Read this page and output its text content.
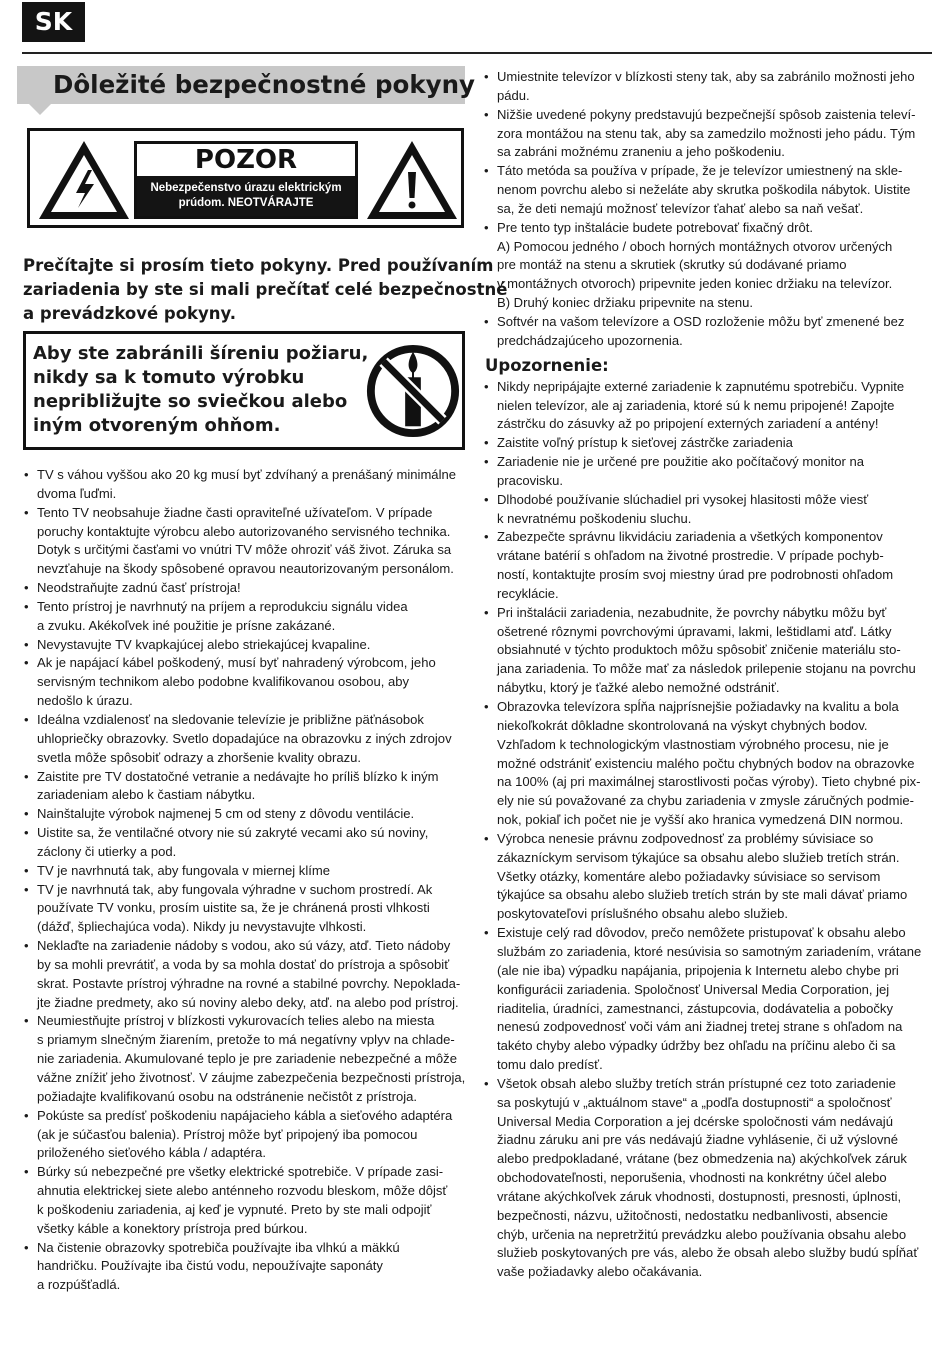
SK
Dôležité bezpečnostné pokyny
POZOR
Nebezpečenstvo úrazu elektrickým
prúdom. NEOTVÁRAJTE
Prečítajte si prosím tieto pokyny. Pred používaním
zariadenia by ste si mali prečítať celé bezpečnostné
a prevádzkové pokyny.
Aby ste zabránili šíreniu požiaru,
nikdy sa k tomuto výrobku
nepribližujte so sviečkou alebo
iným otvoreným ohňom.
• TV s váhou vyššou ako 20 kg musí byť zdvíhaný a prenášaný minimálne
dvoma ľuďmi.
• Tento TV neobsahuje žiadne časti opraviteľné užívateľom. V prípade
poruchy kontaktujte výrobcu alebo autorizovaného servisného technika.
Dotyk s určitými časťami vo vnútri TV môže ohroziť váš život. Záruka sa
nevzťahuje na škody spôsobené opravou neautorizovaným personálom.
• Neodstraňujte zadnú časť prístroja!
• Tento prístroj je navrhnutý na príjem a reprodukciu signálu videa
a zvuku. Akékoľvek iné použitie je prísne zakázané.
• Nevystavujte TV kvapkajúcej alebo striekajúcej kvapaline.
• Ak je napájací kábel poškodený, musí byť nahradený výrobcom, jeho
servisným technikom alebo podobne kvalifikovanou osobou, aby
nedošlo k úrazu.
• Ideálna vzdialenosť na sledovanie televízie je približne päťnásobok
uhlopriečky obrazovky. Svetlo dopadajúce na obrazovku z iných zdrojov
svetla môže spôsobiť odrazy a zhoršenie kvality obrazu.
• Zaistite pre TV dostatočné vetranie a nedávajte ho príliš blízko k iným
zariadeniam alebo k častiam nábytku.
• Nainštalujte výrobok najmenej 5 cm od steny z dôvodu ventilácie.
• Uistite sa, že ventilačné otvory nie sú zakryté vecami ako sú noviny,
záclony či utierky a pod.
• TV je navrhnutá tak, aby fungovala v miernej klíme
• TV je navrhnutá tak, aby fungovala výhradne v suchom prostredí. Ak
používate TV vonku, prosím uistite sa, že je chránená prosti vlhkosti
(dážď, špliechajúca voda). Nikdy ju nevystavujte vlhkosti.
• Neklaďte na zariadenie nádoby s vodou, ako sú vázy, atď. Tieto nádoby
by sa mohli prevrátiť, a voda by sa mohla dostať do prístroja a spôsobiť
skrat. Postavte prístroj výhradne na rovné a stabilné povrchy. Nepoklada-
jte žiadne predmety, ako sú noviny alebo deky, atď. na alebo pod prístroj.
• Neumiestňujte prístroj v blízkosti vykurovacích telies alebo na miesta
s priamym slnečným žiarením, pretože to má negatívny vplyv na chlade-
nie zariadenia. Akumulované teplo je pre zariadenie nebezpečné a môže
vážne znížiť jeho životnosť. V záujme zabezpečenia bezpečnosti prístroja,
požiadajte kvalifikovanú osobu na odstránenie nečistôt z prístroja.
• Pokúste sa predísť poškodeniu napájacieho kábla a sieťového adaptéra
(ak je súčasťou balenia). Prístroj môže byť pripojený iba pomocou
priloženého sieťového kábla / adaptéra.
• Búrky sú nebezpečné pre všetky elektrické spotrebiče. V prípade zasi-
ahnutia elektrickej siete alebo anténneho rozvodu bleskom, môže dôjsť
k poškodeniu zariadenia, aj keď je vypnuté. Preto by ste mali odpojiť
všetky káble a konektory prístroja pred búrkou.
• Na čistenie obrazovky spotrebiča používajte iba vlhkú a mäkkú
handričku. Používajte iba čistú vodu, nepoužívajte saponáty
a rozpúšťadlá.
• Umiestnite televízor v blízkosti steny tak, aby sa zabránilo možnosti jeho
pádu.
• Nižšie uvedené pokyny predstavujú bezpečnejší spôsob zaistenia televí-
zora montážou na stenu tak, aby sa zamedzilo možnosti jeho pádu. Tým
sa zabráni možnému zraneniu a jeho poškodeniu.
• Táto metóda sa používa v prípade, že je televízor umiestnený na skle-
nenom povrchu alebo si neželáte aby skrutka poškodila nábytok. Uistite
sa, že deti nemajú možnosť televízor ťahať alebo sa naň vešať.
• Pre tento typ inštalácie budete potrebovať fixačný drôt.
A) Pomocou jedného / oboch horných montážnych otvorov určených
pre montáž na stenu a skrutiek (skrutky sú dodávané priamo
v montážnych otvoroch) pripevnite jeden koniec držiaku na televízor.
B) Druhý koniec držiaku pripevnite na stenu.
• Softvér na vašom televízore a OSD rozloženie môžu byť zmenené bez
predchádzajúceho upozornenia.
Upozornenie:
• Nikdy nepripájajte externé zariadenie k zapnutému spotrebiču. Vypnite
nielen televízor, ale aj zariadenia, ktoré sú k nemu pripojené! Zapojte
zástrčku do zásuvky až po pripojení externých zariadení a antény!
• Zaistite voľný prístup k sieťovej zástrčke zariadenia
• Zariadenie nie je určené pre použitie ako počítačový monitor na
pracovisku.
• Dlhodobé používanie slúchadiel pri vysokej hlasitosti môže viesť
k nevratnému poškodeniu sluchu.
• Zabezpečte správnu likvidáciu zariadenia a všetkých komponentov
vrátane batérií s ohľadom na životné prostredie. V prípade pochyb-
ností, kontaktujte prosím svoj miestny úrad pre podrobnosti ohľadom
recyklácie.
• Pri inštalácii zariadenia, nezabudnite, že povrchy nábytku môžu byť
ošetrené rôznymi povrchovými úpravami, lakmi, leštidlami atď. Látky
obsiahnuté v týchto produktoch môžu spôsobiť zničenie materiálu sto-
jana zariadenia. To môže mať za následok prilepenie stojanu na povrchu
nábytku, ktorý je ťažké alebo nemožné odstrániť.
• Obrazovka televízora spĺňa najprísnejšie požiadavky na kvalitu a bola
niekoľkokrát dôkladne skontrolovaná na výskyt chybných bodov.
Vzhľadom k technologickým vlastnostiam výrobného procesu, nie je
možné odstrániť existenciu malého počtu chybných bodov na obrazovke
na 100% (aj pri maximálnej starostlivosti počas výroby). Tieto chybné pix-
ely nie sú považované za chybu zariadenia v zmysle záručných podmie-
nok, pokiaľ ich počet nie je vyšší ako hranica vymedzená DIN normou.
• Výrobca nenesie právnu zodpovednosť za problémy súvisiace so
zákazníckym servisom týkajúce sa obsahu alebo služieb tretích strán.
Všetky otázky, komentáre alebo požiadavky súvisiace so servisom
týkajúce sa obsahu alebo služieb tretích strán by ste mali dávať priamo
poskytovateľovi príslušného obsahu alebo služieb.
• Existuje celý rad dôvodov, prečo nemôžete pristupovať k obsahu alebo
službám zo zariadenia, ktoré nesúvisia so samotným zariadením, vrátane
(ale nie iba) výpadku napájania, pripojenia k Internetu alebo chybe pri
konfigurácii zariadenia. Spoločnosť Universal Media Corporation, jej
riaditelia, úradníci, zamestnanci, zástupcovia, dodávatelia a pobočky
nenesú zodpovednosť voči vám ani žiadnej tretej strane s ohľadom na
takéto chyby alebo výpadky údržby bez ohľadu na príčinu alebo či sa
tomu dalo predísť.
• Všetok obsah alebo služby tretích strán prístupné cez toto zariadenie
sa poskytujú v „aktuálnom stave“ a „podľa dostupnosti“ a spoločnosť
Universal Media Corporation a jej dcérske spoločnosti vám nedávajú
žiadnu záruku ani pre vás nedávajú žiadne vyhlásenie, či už výslovné
alebo predpokladané, vrátane (bez obmedzenia na) akýchkoľvek záruk
obchodovateľnosti, neporušenia, vhodnosti na konkrétny účel alebo
vrátane akýchkoľvek záruk vhodnosti, dostupnosti, presnosti, úplnosti,
bezpečnosti, názvu, užitočnosti, nedostatku nedbanlivosti, absencie
chýb, určenia na nepretržitú prevádzku alebo používania obsahu alebo
služieb poskytovaných pre vás, alebo že obsah alebo služby budú spĺňať
vaše požiadavky alebo očakávania.
